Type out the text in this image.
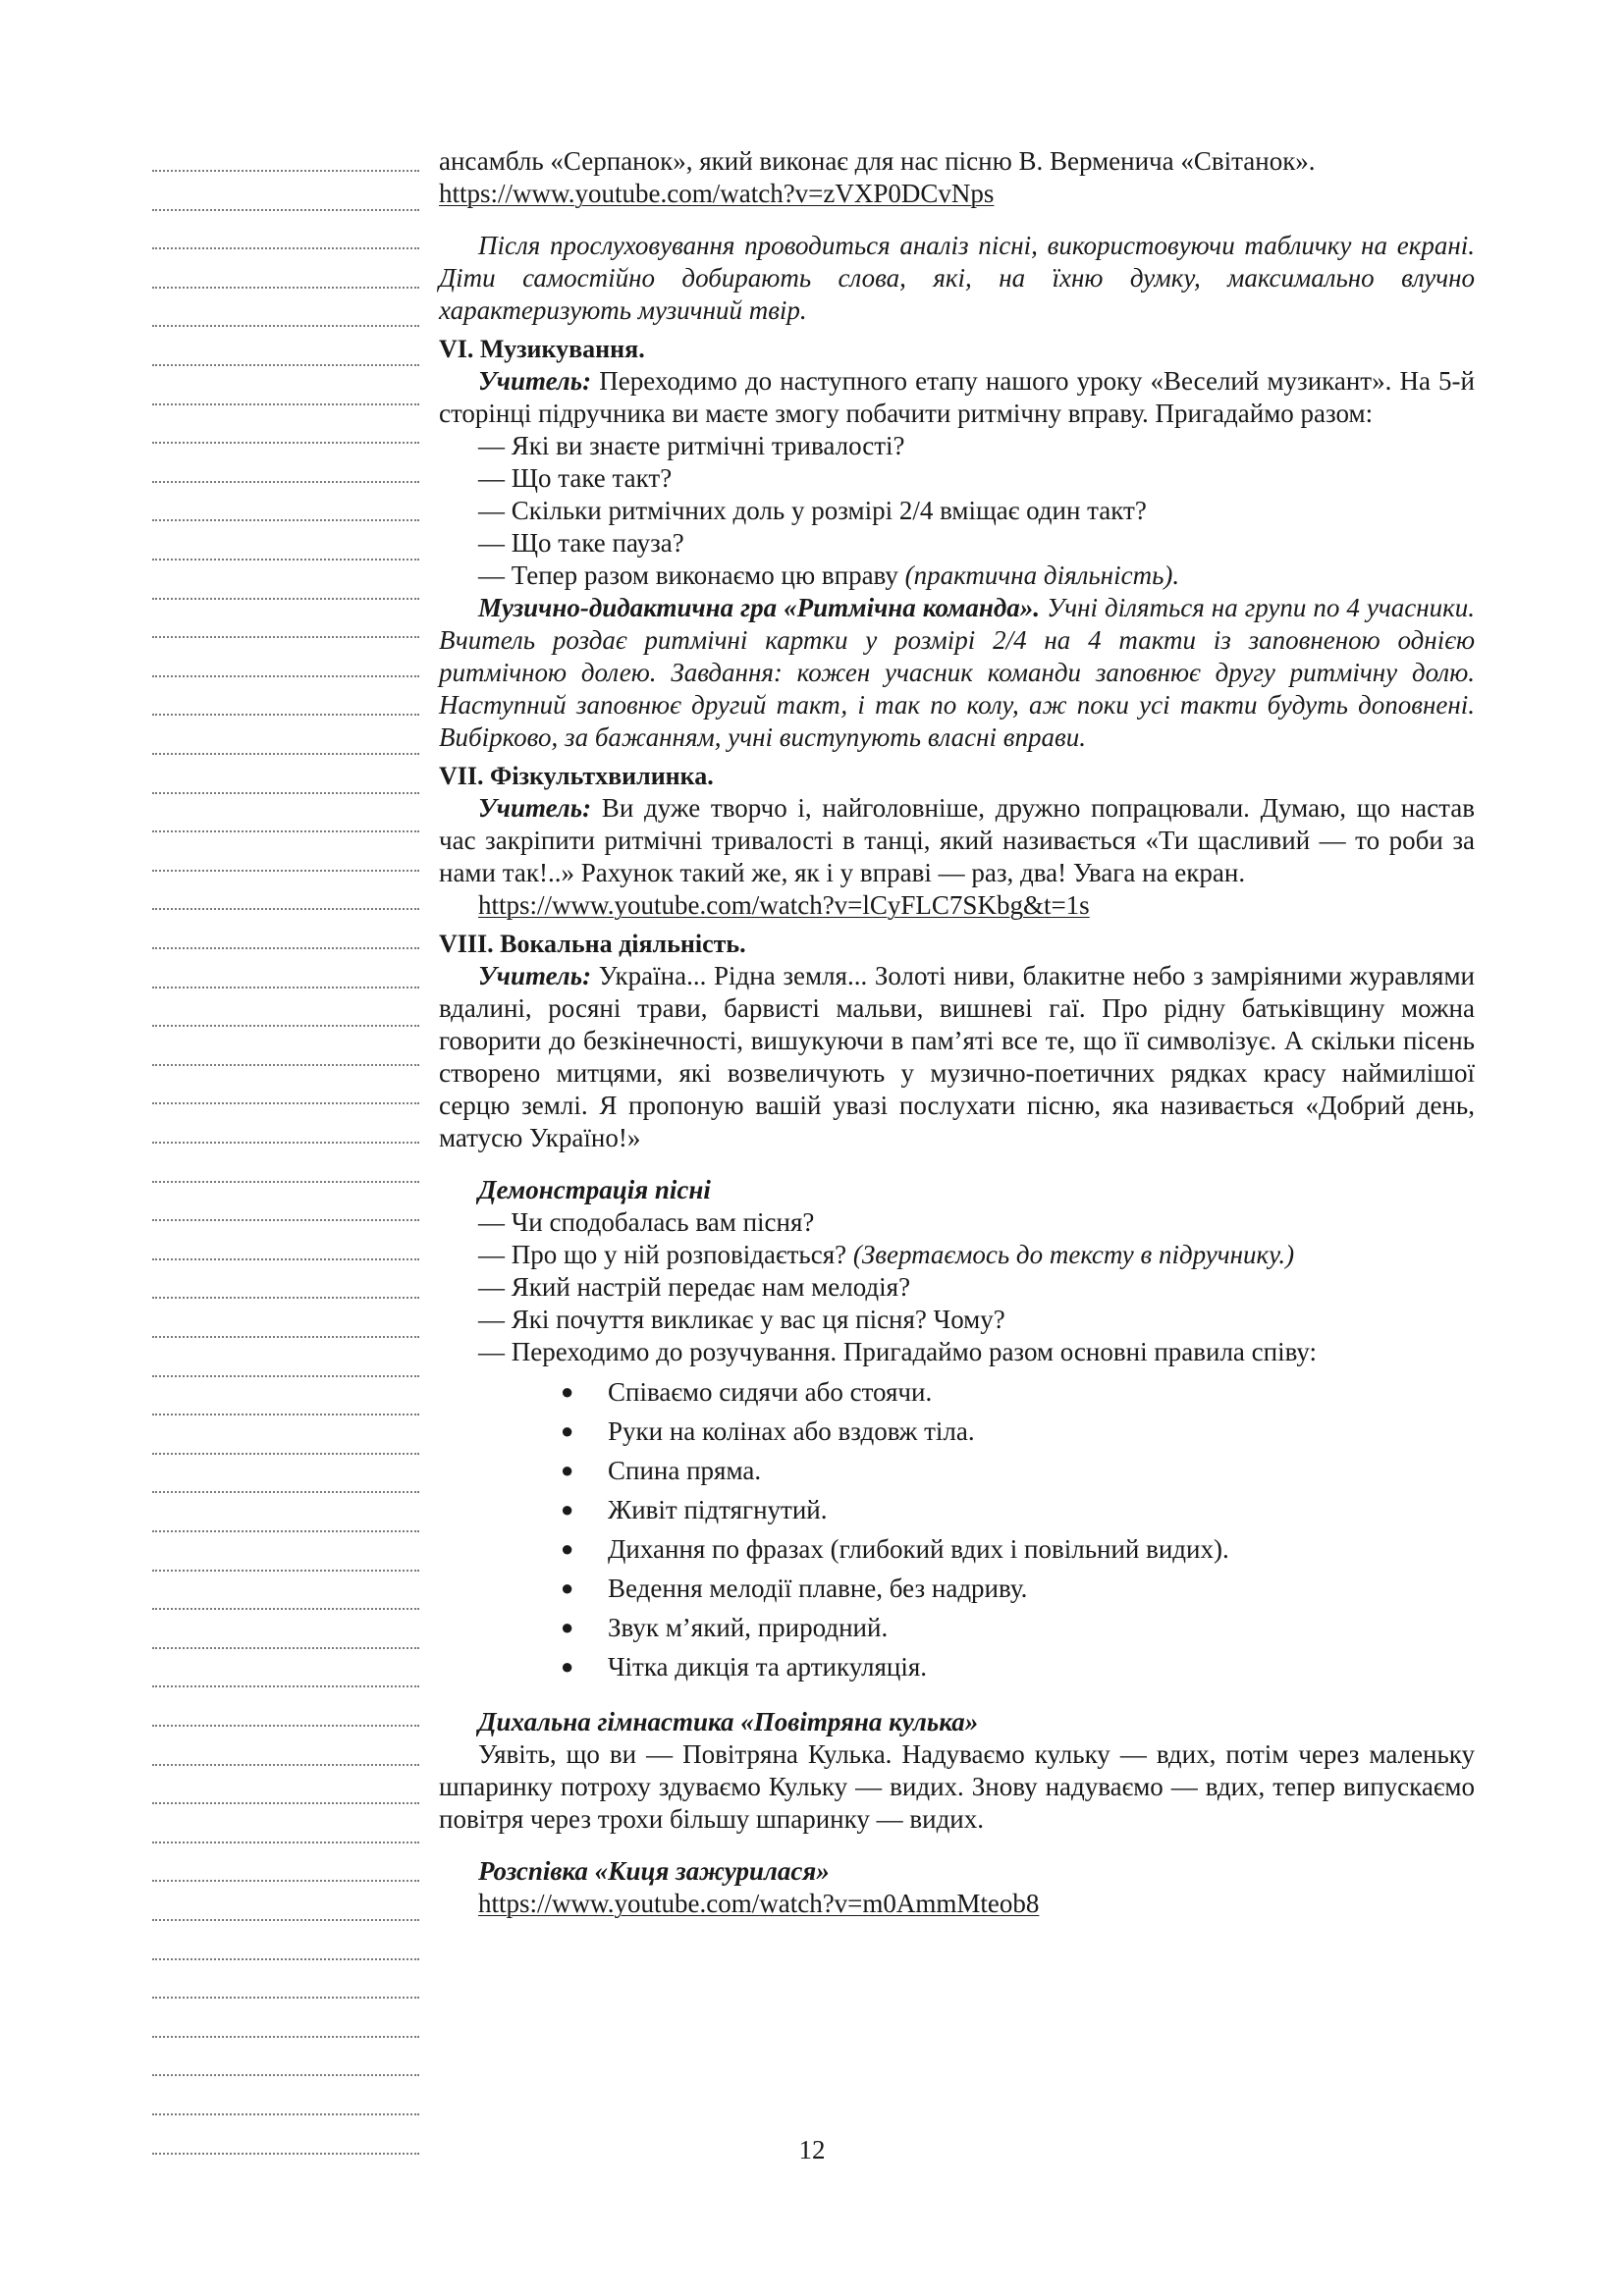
ансамбль «Серпанок», який виконає для нас пісню В. Верменича «Світанок».

https://www.youtube.com/watch?v=zVXP0DCvNps

Після прослуховування проводиться аналіз пісні, використовуючи табличку на екрані. Діти самостійно добирають слова, які, на їхню думку, максимально влучно характеризують музичний твір.

VI. Музикування.

Учитель: Переходимо до наступного етапу нашого уроку «Веселий музикант». На 5-й сторінці підручника ви маєте змогу побачити ритмічну вправу. Пригадаймо разом:

— Які ви знаєте ритмічні тривалості?

— Що таке такт?

— Скільки ритмічних доль у розмірі 2/4 вміщає один такт?

— Що таке пауза?

— Тепер разом виконаємо цю вправу (практична діяльність).

Музично-дидактична гра «Ритмічна команда». Учні діляться на групи по 4 учасники. Вчитель роздає ритмічні картки у розмірі 2/4 на 4 такти із заповненою однією ритмічною долею. Завдання: кожен учасник команди заповнює другу ритмічну долю. Наступний заповнює другий такт, і так по колу, аж поки усі такти будуть доповнені. Вибірково, за бажанням, учні виступують власні вправи.

VII. Фізкультхвилинка.

Учитель: Ви дуже творчо і, найголовніше, дружно попрацювали. Думаю, що настав час закріпити ритмічні тривалості в танці, який називається «Ти щасливий — то роби за нами так!..» Рахунок такий же, як і у вправі — раз, два! Увага на екран.

https://www.youtube.com/watch?v=lCyFLC7SKbg&t=1s

VIII. Вокальна діяльність.

Учитель: Україна... Рідна земля... Золоті ниви, блакитне небо з замріяними журавлями вдалині, росяні трави, барвисті мальви, вишневі гаї. Про рідну батьківщину можна говорити до безкінечності, вишукуючи в пам’яті все те, що її символізує. А скільки пісень створено митцями, які возвеличують у музично-поетичних рядках красу наймилішої серцю землі. Я пропоную вашій увазі послухати пісню, яка називається «Добрий день, матусю Україно!»

Демонстрація пісні

— Чи сподобалась вам пісня?

— Про що у ній розповідається? (Звертаємось до тексту в підручнику.)

— Який настрій передає нам мелодія?

— Які почуття викликає у вас ця пісня? Чому?

— Переходимо до розучування. Пригадаймо разом основні правила співу:

● Співаємо сидячи або стоячи.
● Руки на колінах або вздовж тіла.
● Спина пряма.
● Живіт підтягнутий.
● Дихання по фразах (глибокий вдих і повільний видих).
● Ведення мелодії плавне, без надриву.
● Звук м’який, природний.
● Чітка дикція та артикуляція.

Дихальна гімнастика «Повітряна кулька»

Уявіть, що ви — Повітряна Кулька. Надуваємо кульку — вдих, потім через маленьку шпаринку потроху здуваємо Кульку — видих. Знову надуваємо — вдих, тепер випускаємо повітря через трохи більшу шпаринку — видих.

Розспівка «Киця зажурилася»

https://www.youtube.com/watch?v=m0AmmMteob8

12
